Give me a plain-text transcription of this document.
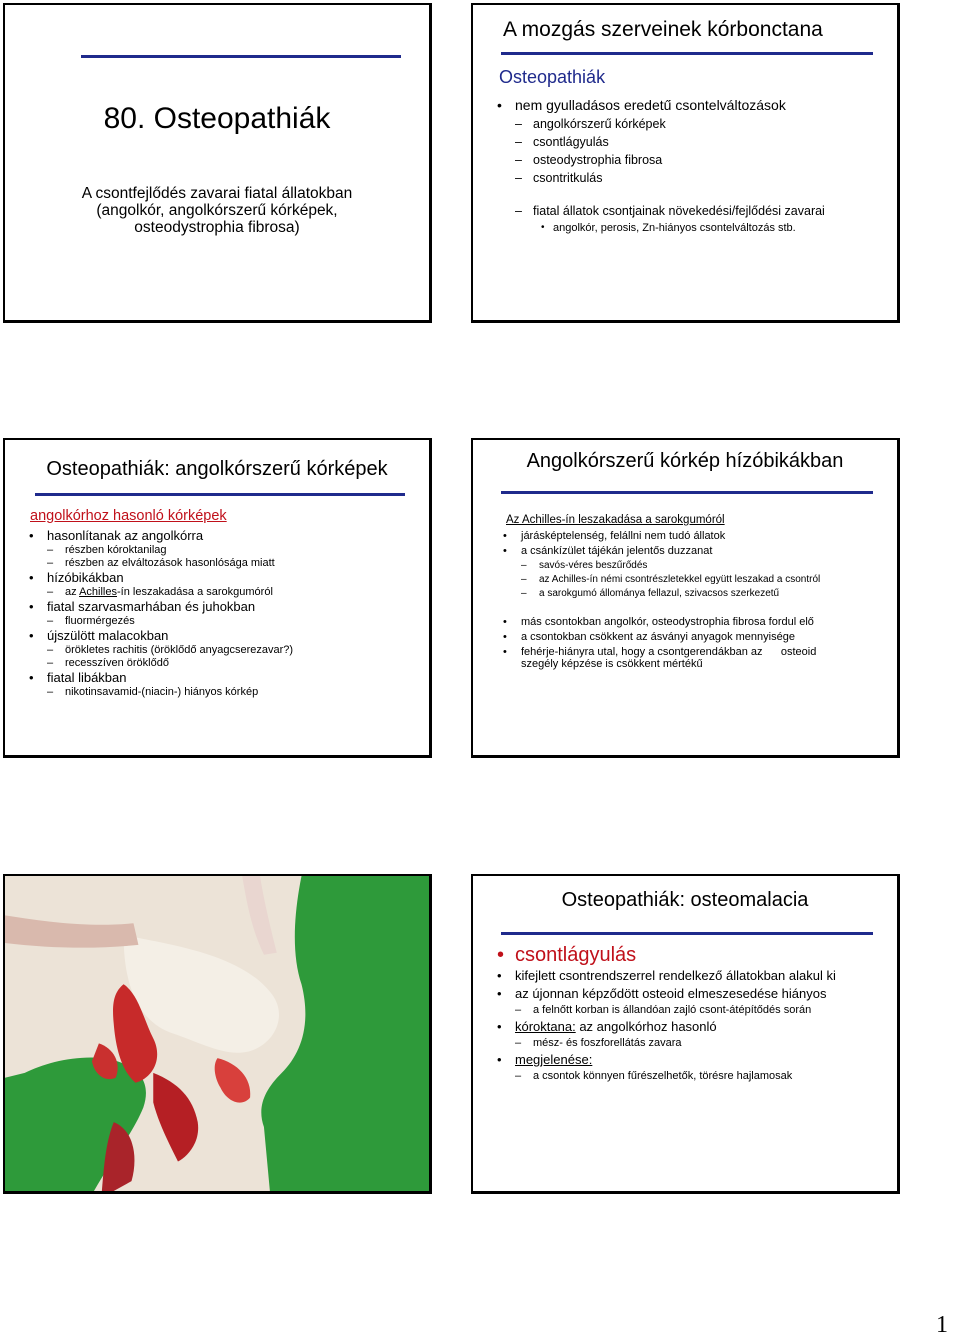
80. Osteopathiák
A csontfejlődés zavarai fiatal állatokban
(angolkór, angolkórszerű kórképek,
osteodystrophia fibrosa)
A mozgás szerveinek kórbonctana
Osteopathiák
• nem gyulladásos eredetű csontelváltozások
– angolkórszerű kórképek
– csontlágyulás
– osteodystrophia fibrosa
– csontritkulás
– fiatal állatok csontjainak növekedési/fejlődési zavarai
• angolkór, perosis, Zn-hiányos csontelváltozás stb.
Osteopathiák: angolkórszerű kórképek
angolkórhoz hasonló kórképek
• hasonlítanak az angolkórra
– részben kóroktanilag
– részben az elváltozások hasonlósága miatt
• hízóbikákban
– az Achilles-ín leszakadása a sarokgumóról
• fiatal szarvasmarhában és juhokban
– fluormérgezés
• újszülött malacokban
– örökletes rachitis (öröklődő anyagcserezavar?)
– recesszíven öröklődő
• fiatal libákban
– nikotinsavamid-(niacin-) hiányos kórkép
Angolkórszerű kórkép hízóbikákban
Az Achilles-ín leszakadása a sarokgumóról
• járásképtelenség, felállni nem tudó állatok
• a csánkízület tájékán jelentős duzzanat
– savós-véres beszűrődés
– az Achilles-ín némi csontrészletekkel együtt leszakad a csontról
– a sarokgumó állománya fellazul, szivacsos szerkezetű
• más csontokban angolkór, osteodystrophia fibrosa fordul elő
• a csontokban csökkent az ásványi anyagok mennyisége
• fehérje-hiányra utal, hogy a csontgerendákban az      osteoid
szegély képzése is csökkent mértékű
Osteopathiák: osteomalacia
• csontlágyulás
• kifejlett csontrendszerrel rendelkező állatokban alakul ki
• az újonnan képződött osteoid elmeszesedése hiányos
– a felnőtt korban is állandóan zajló csont-átépítődés során
• kóroktana: az angolkórhoz hasonló
– mész- és foszforellátás zavara
• megjelenése:
– a csontok könnyen fűrészelhetők, törésre hajlamosak
1
